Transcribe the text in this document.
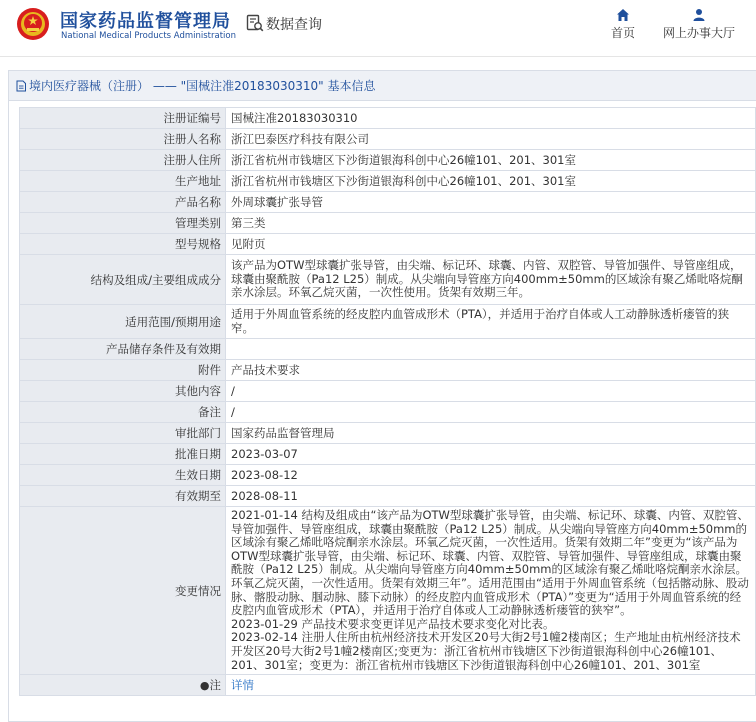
国家药品监督管理局
National Medical Products Administration
数据查询	首页	网上办事大厅
境内医疗器械（注册） —— "国械注准20183030310" 基本信息
注册证编号	国械注准20183030310
注册人名称	浙江巴泰医疗科技有限公司
注册人住所	浙江省杭州市钱塘区下沙街道银海科创中心26幢101、201、301室
生产地址	浙江省杭州市钱塘区下沙街道银海科创中心26幢101、201、301室
产品名称	外周球囊扩张导管
管理类别	第三类
型号规格	见附页
结构及组成/主要组成成分	该产品为OTW型球囊扩张导管，由尖端、标记环、球囊、内管、双腔管、导管加强件、导管座组成，球囊由聚酰胺（Pa12 L25）制成。从尖端向导管座方向400mm±50mm的区域涂有聚乙烯吡咯烷酮亲水涂层。环氧乙烷灭菌，一次性使用。货架有效期三年。
适用范围/预期用途	适用于外周血管系统的经皮腔内血管成形术（PTA），并适用于治疗自体或人工动静脉透析瘘管的狭窄。
产品储存条件及有效期	
附件	产品技术要求
其他内容	/
备注	/
审批部门	国家药品监督管理局
批准日期	2023-03-07
生效日期	2023-08-12
有效期至	2028-08-11
变更情况	2021-01-14 结构及组成由“该产品为OTW型球囊扩张导管，由尖端、标记环、球囊、内管、双腔管、导管加强件、导管座组成，球囊由聚酰胺（Pa12 L25）制成。从尖端向导管座方向40mm±50mm的区域涂有聚乙烯吡咯烷酮亲水涂层。环氧乙烷灭菌，一次性适用。货架有效期二年”变更为“该产品为OTW型球囊扩张导管，由尖端、标记环、球囊、内管、双腔管、导管加强件、导管座组成，球囊由聚酰胺（Pa12 L25）制成。从尖端向导管座方向40mm±50mm的区域涂有聚乙烯吡咯烷酮亲水涂层。环氧乙烷灭菌，一次性适用。货架有效期三年”。适用范围由“适用于外周血管系统（包括髂动脉、股动脉、髂股动脉、腘动脉、膝下动脉）的经皮腔内血管成形术（PTA）”变更为“适用于外周血管系统的经皮腔内血管成形术（PTA），并适用于治疗自体或人工动静脉透析瘘管的狭窄”。
2023-01-29 产品技术要求变更详见产品技术要求变化对比表。
2023-02-14 注册人住所由杭州经济技术开发区20号大街2号1幢2楼南区；生产地址由杭州经济技术开发区20号大街2号1幢2楼南区;变更为：浙江省杭州市钱塘区下沙街道银海科创中心26幢101、201、301室；变更为：浙江省杭州市钱塘区下沙街道银海科创中心26幢101、201、301室

●注	详情
